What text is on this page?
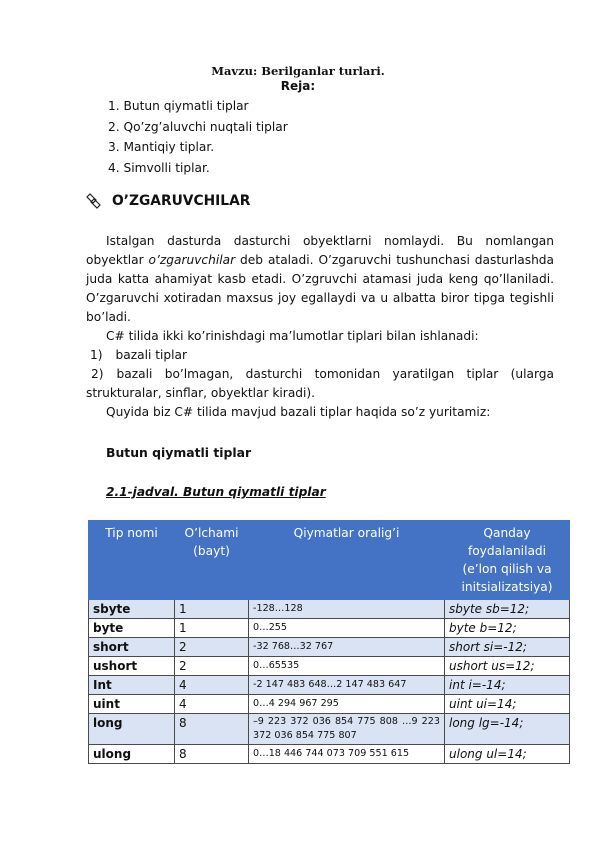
Mavzu: Berilganlar turlari.
Reja:
1. Butun qiymatli tiplar
2. Qo’zg’aluvchi nuqtali tiplar
3. Mantiqiy tiplar.
4. Simvolli tiplar.
O’ZGARUVCHILAR
Istalgan dasturda dasturchi obyektlarni nomlaydi. Bu nomlangan obyektlar o’zgaruvchilar deb ataladi. O’zgaruvchi tushunchasi dasturlashda juda katta ahamiyat kasb etadi. O’zgruvchi atamasi juda keng qo’llaniladi. O’zgaruvchi xotiradan maxsus joy egallaydi va u albatta biror tipga tegishli bo’ladi.
C# tilida ikki ko’rinishdagi ma’lumotlar tiplari bilan ishlanadi:
1) bazali tiplar
2) bazali bo’lmagan, dasturchi tomonidan yaratilgan tiplar (ularga strukturalar, sinflar, obyektlar kiradi).
Quyida biz C# tilida mavjud bazali tiplar haqida so’z yuritamiz:
Butun qiymatli tiplar
2.1-jadval. Butun qiymatli tiplar
Tip nomi	O’lchami (bayt)	Qiymatlar oralig’i	Qanday foydalaniladi (e’lon qilish va initsializatsiya)
sbyte	1	-128…128	sbyte sb=12;
byte	1	0…255	byte b=12;
short	2	-32 768…32 767	short si=-12;
ushort	2	0…65535	ushort us=12;
Int	4	-2 147 483 648…2 147 483 647	int i=-14;
uint	4	0…4 294 967 295	uint ui=14;
long	8	–9 223 372 036 854 775 808 …9 223 372 036 854 775 807	long lg=-14;
ulong	8	0…18 446 744 073 709 551 615	ulong ul=14;
